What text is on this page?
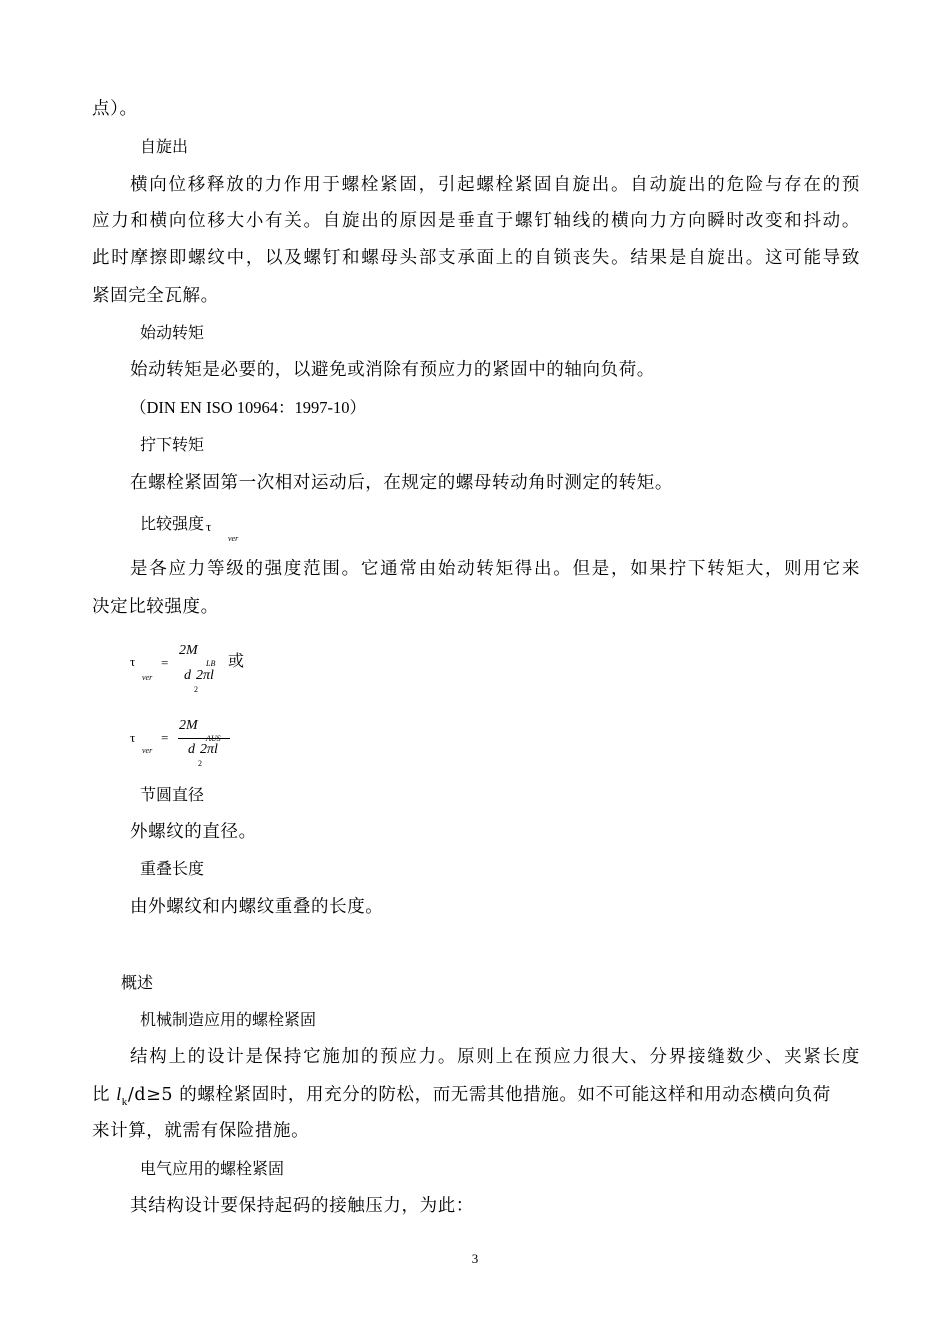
点）。
自旋出
横向位移释放的力作用于螺栓紧固，引起螺栓紧固自旋出。自动旋出的危险与存在的预
应力和横向位移大小有关。自旋出的原因是垂直于螺钉轴线的横向力方向瞬时改变和抖动。
此时摩擦即螺纹中，以及螺钉和螺母头部支承面上的自锁丧失。结果是自旋出。这可能导致
紧固完全瓦解。
始动转矩
始动转矩是必要的，以避免或消除有预应力的紧固中的轴向负荷。
（DIN EN ISO 10964：1997-10）
拧下转矩
在螺栓紧固第一次相对运动后，在规定的螺母转动角时测定的转矩。
比较强度 τ
ver
是各应力等级的强度范围。它通常由始动转矩得出。但是，如果拧下转矩大，则用它来
决定比较强度。
τ
ver
=
2M
LB
d
2
2πl
或
τ
ver
=
2M
AUS
d
2
2πl
节圆直径
外螺纹的直径。
重叠长度
由外螺纹和内螺纹重叠的长度。
概述
机械制造应用的螺栓紧固
结构上的设计是保持它施加的预应力。原则上在预应力很大、分界接缝数少、夹紧长度
比 $l_k/d\ge 5$ 的螺栓紧固时，用充分的防松，而无需其他措施。如不可能这样和用动态横向负荷
来计算，就需有保险措施。
电气应用的螺栓紧固
其结构设计要保持起码的接触压力，为此：
3
